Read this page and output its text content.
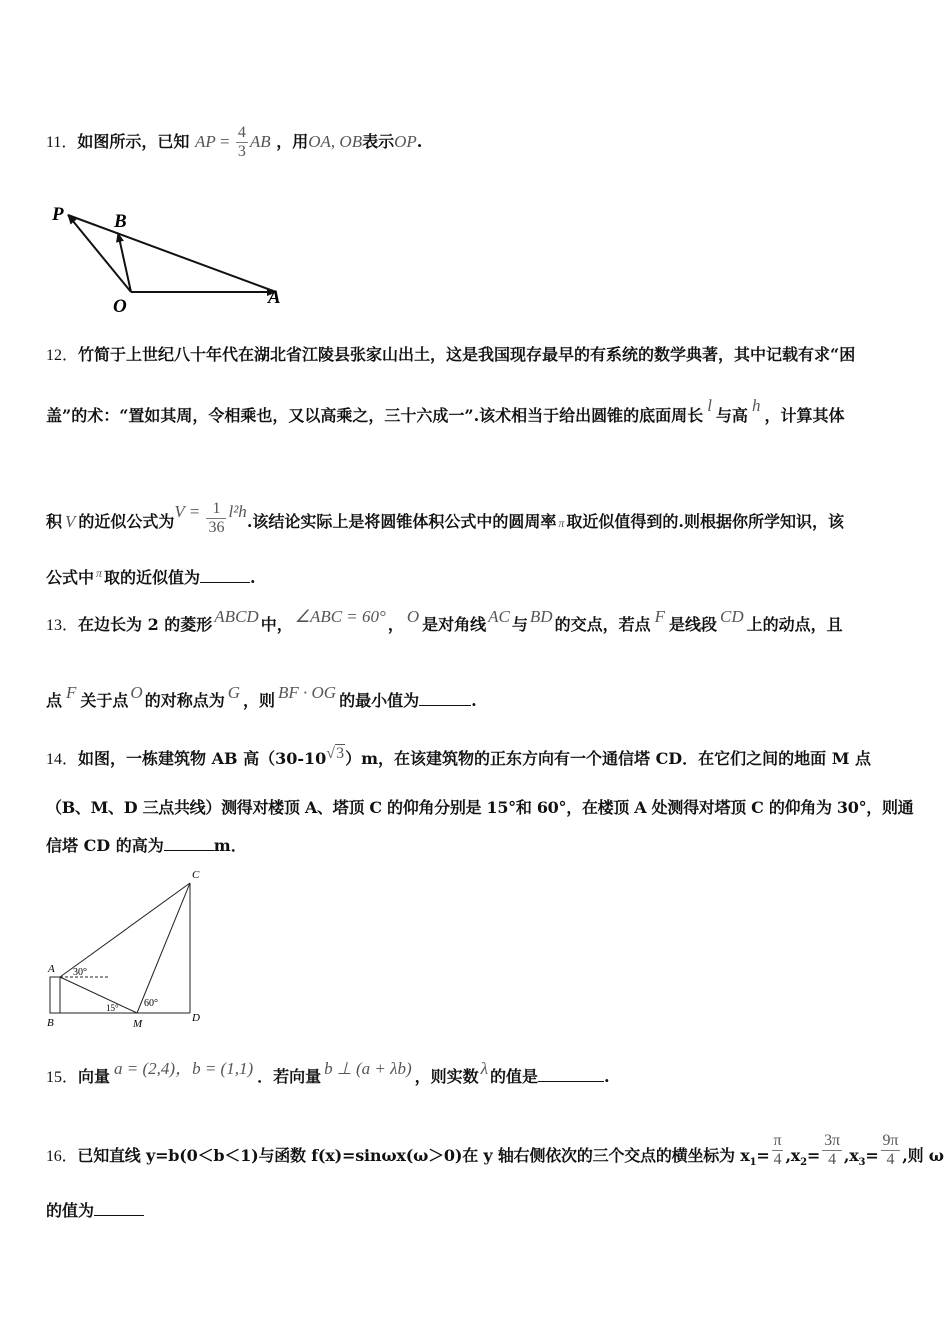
11．如图所示，已知 AP = $\frac{4}{3}$ AB ，用OA, OB表示OP.
P	B
O	A
12．竹简于上世纪八十年代在湖北省江陵县张家山出土，这是我国现存最早的有系统的数学典著，其中记载有求“困
盖”的术：“置如其周，令相乘也，又以高乘之，三十六成一”.该术相当于给出圆锥的底面周长l与高h，计算其体
积 V 的近似公式为$V = \frac{1}{36} l^2h$.该结论实际上是将圆锥体积公式中的圆周率 π 取近似值得到的.则根据你所学知识，该
公式中 $^\pi$ 取的近似值为	.
13．在边长为 2 的菱形 ABCD 中， ∠ABC = 60° ， O 是对角线 AC 与 BD 的交点，若点 F 是线段 CD 上的动点，且
点 F 关于点 O 的对称点为 G ，则 BF · OG 的最小值为	.
14．如图，一栋建筑物 AB 高（30-10√3）m，在该建筑物的正东方向有一个通信塔 CD．在它们之间的地面 M 点
（B、M、D 三点共线）测得对楼顶 A、塔顶 C 的仰角分别是 15°和 60°，在楼顶 A 处测得对塔顶 C 的仰角为 30°，则通
信塔 CD 的高为	m．
C
A
B	D
M
30°
15°	60°
15．向量 a = (2,4)，b = (1,1) ．若向量 b ⊥ (a + λb) ，则实数 λ 的值是	.
16．已知直线 y=b(0＜b＜1)与函数 f(x)=sinωx(ω＞0)在 y 轴右侧依次的三个交点的横坐标为 $x_1= \frac{\pi}{4} ,x_2= \frac{3\pi}{4} ,x_3= \frac{9\pi}{4}$ ,则 ω
的值为
